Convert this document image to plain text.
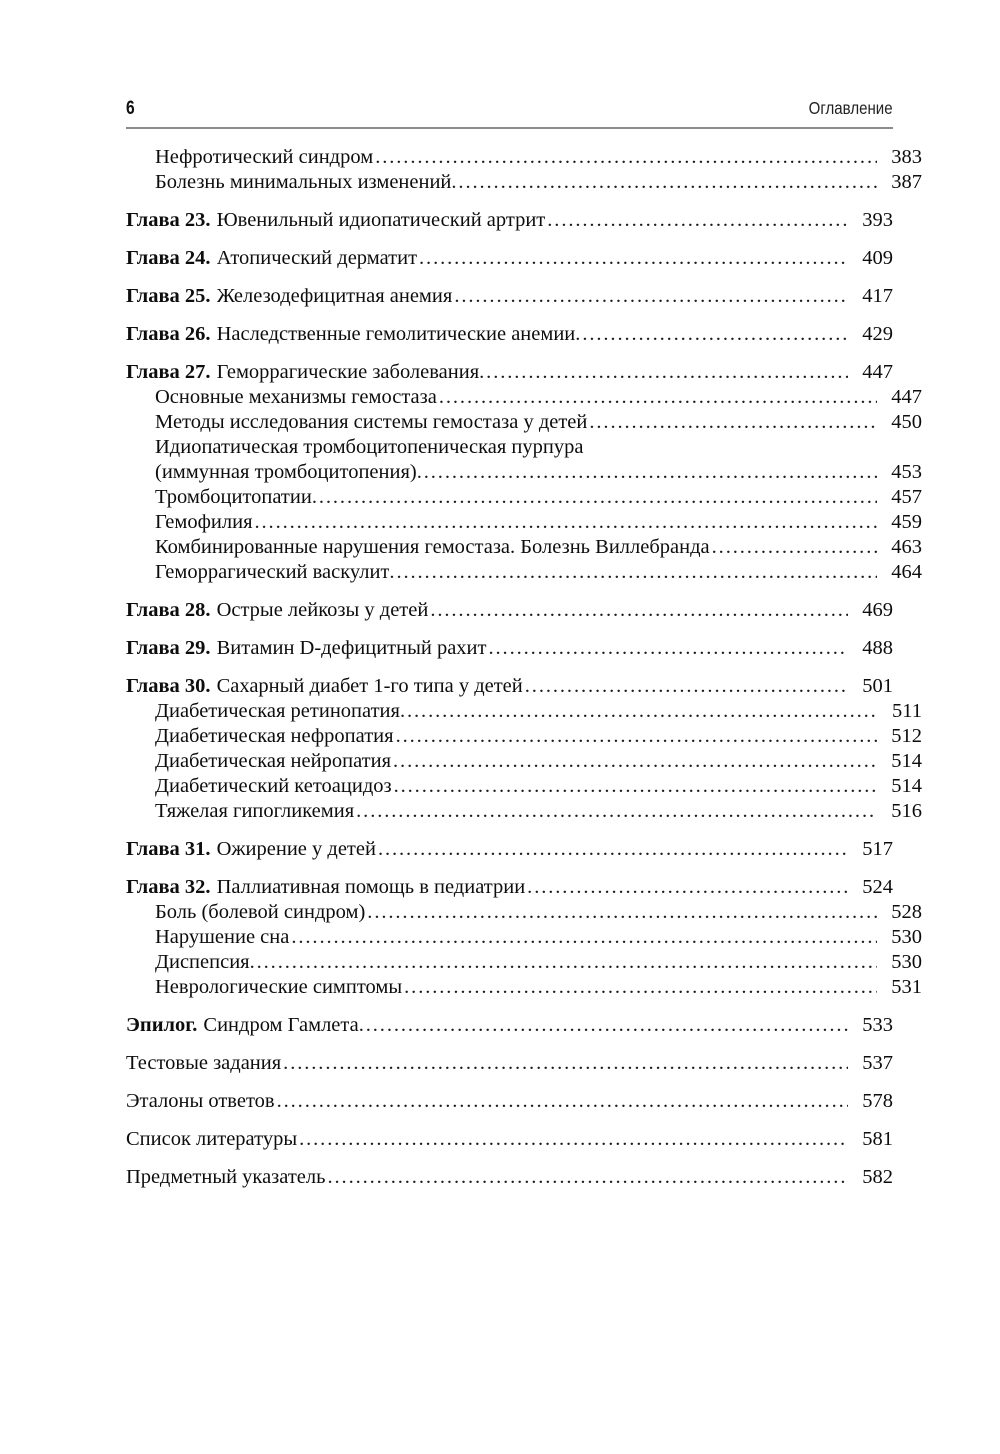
6	Оглавление
Нефротический синдром .....	383
Болезнь минимальных изменений .....	387
Глава 23. Ювенильный идиопатический артрит .....	393
Глава 24. Атопический дерматит .....	409
Глава 25. Железодефицитная анемия .....	417
Глава 26. Наследственные гемолитические анемии .....	429
Глава 27. Геморрагические заболевания .....	447
Основные механизмы гемостаза .....	447
Методы исследования системы гемостаза у детей .....	450
Идиопатическая тромбоцитопеническая пурпура
(иммунная тромбоцитопения) .....	453
Тромбоцитопатии .....	457
Гемофилия .....	459
Комбинированные нарушения гемостаза. Болезнь Виллебранда .....	463
Геморрагический васкулит .....	464
Глава 28. Острые лейкозы у детей .....	469
Глава 29. Витамин D-дефицитный рахит .....	488
Глава 30. Сахарный диабет 1-го типа у детей .....	501
Диабетическая ретинопатия .....	511
Диабетическая нефропатия .....	512
Диабетическая нейропатия .....	514
Диабетический кетоацидоз .....	514
Тяжелая гипогликемия .....	516
Глава 31. Ожирение у детей .....	517
Глава 32. Паллиативная помощь в педиатрии .....	524
Боль (болевой синдром) .....	528
Нарушение сна .....	530
Диспепсия .....	530
Неврологические симптомы .....	531
Эпилог. Синдром Гамлета .....	533
Тестовые задания .....	537
Эталоны ответов .....	578
Список литературы .....	581
Предметный указатель .....	582
